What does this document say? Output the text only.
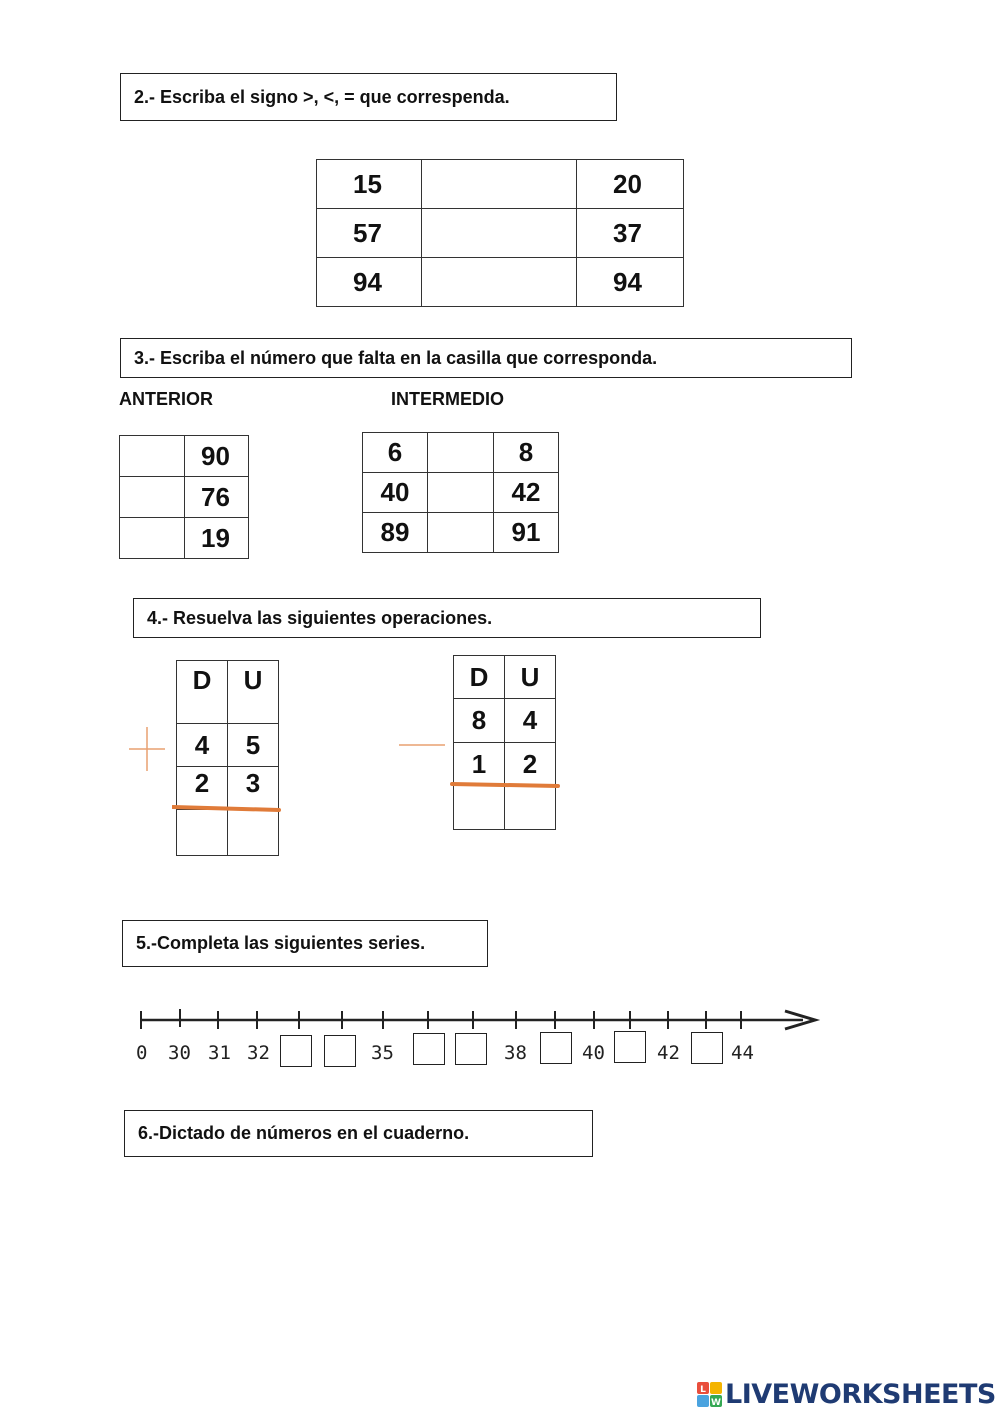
2.- Escriba el signo >, <, = que correspenda.
15		20
57		37
94		94
3.- Escriba el número que falta en la casilla que corresponda.
ANTERIOR	INTERMEDIO
	90
	76
	19
6		8
40		42
89		91
4.- Resuelva las siguientes operaciones.
D	U
4	5
2	3

D	U
8	4
1	2

5.-Completa las siguientes series.
0 30 31 32	35	38	40	42	44
6.-Dictado de números en el cuaderno.
L
W LIVEWORKSHEETS
